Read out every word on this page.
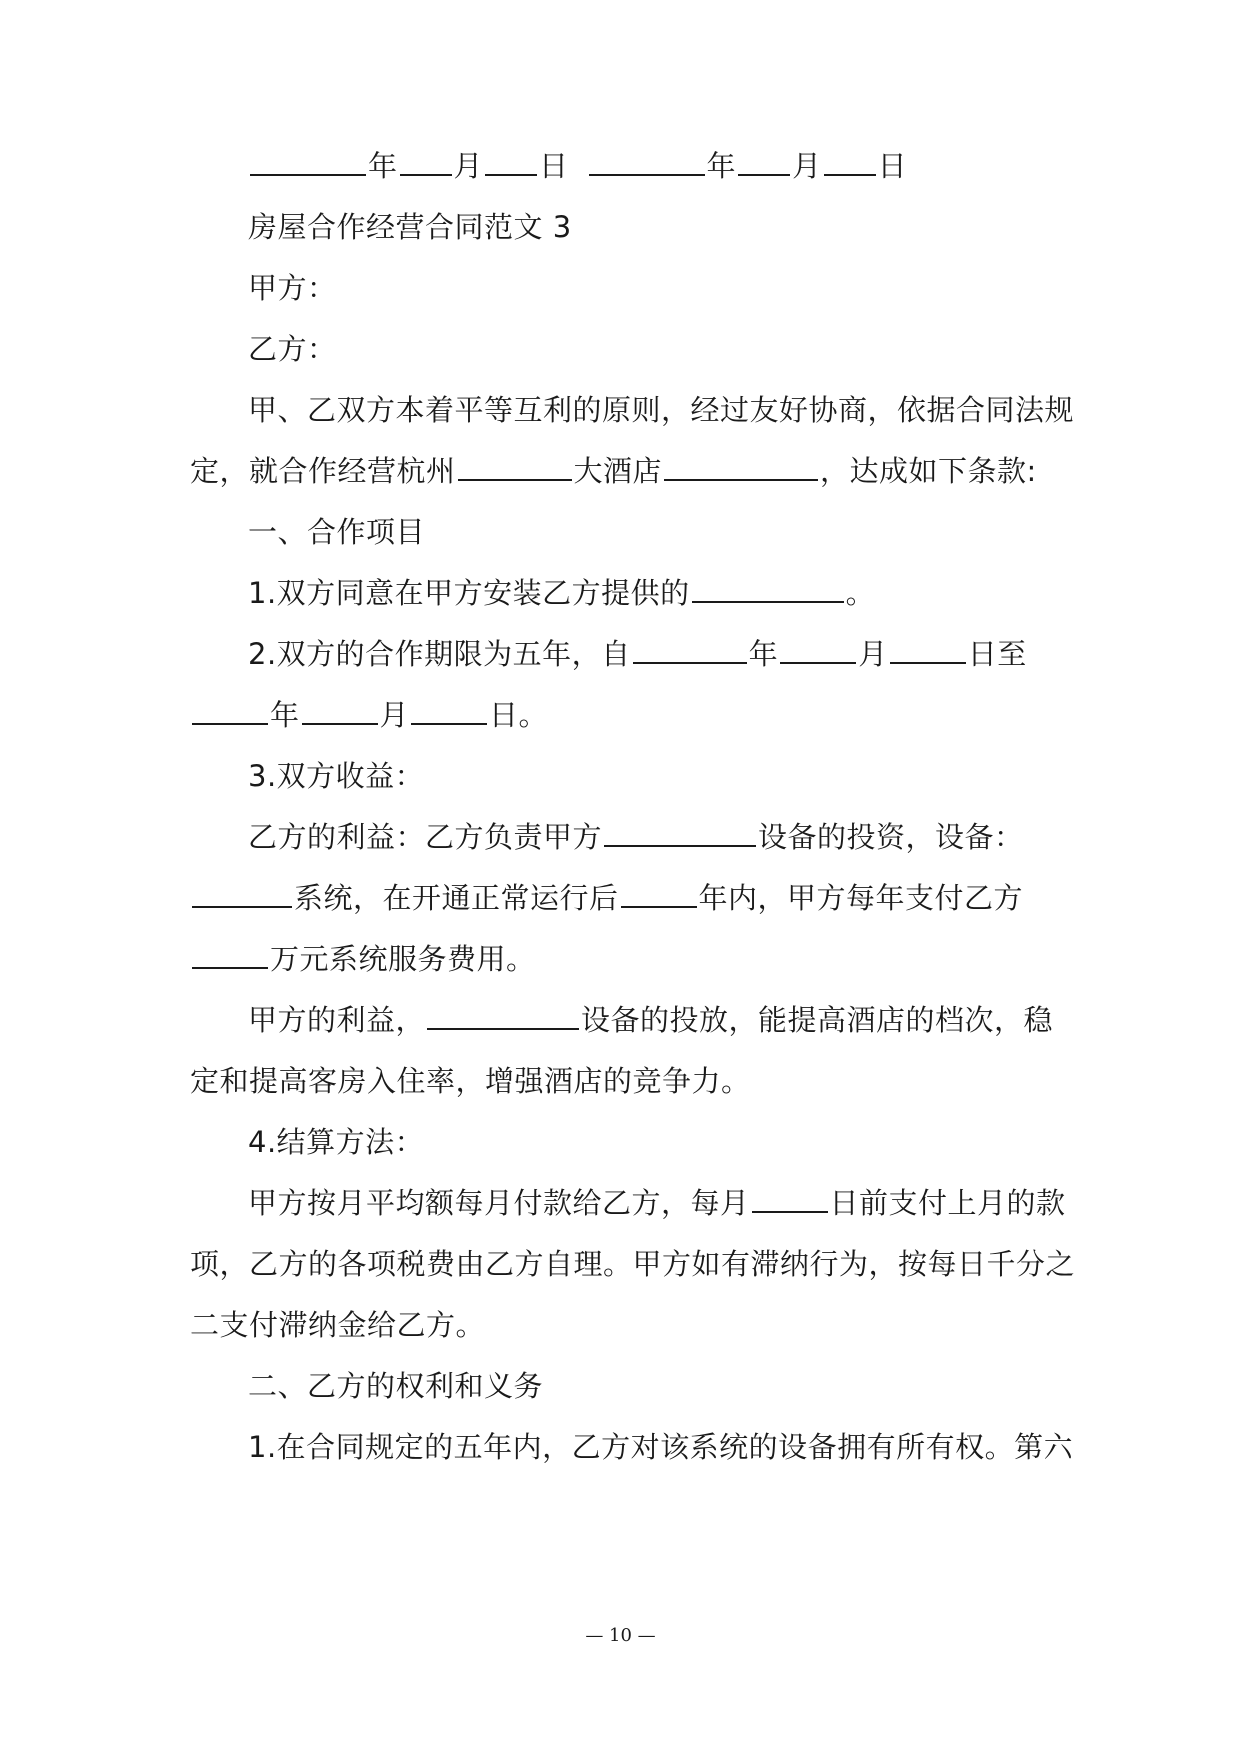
年 月 日	年 月 日
房屋合作经营合同范文 3
甲方：
乙方：
甲、乙双方本着平等互利的原则，经过友好协商，依据合同法规
定，就合作经营杭州	大酒店	，达成如下条款:
一、合作项目
1.双方同意在甲方安装乙方提供的	。
2.双方的合作期限为五年，自	年	月	日至
年	月	日。
3.双方收益：
乙方的利益：乙方负责甲方	设备的投资，设备：
系统，在开通正常运行后	年内，甲方每年支付乙方
万元系统服务费用。
甲方的利益，	设备的投放，能提高酒店的档次，稳
定和提高客房入住率，增强酒店的竞争力。
4.结算方法：
甲方按月平均额每月付款给乙方，每月	日前支付上月的款
项，乙方的各项税费由乙方自理。甲方如有滞纳行为，按每日千分之
二支付滞纳金给乙方。
二、乙方的权利和义务
1.在合同规定的五年内，乙方对该系统的设备拥有所有权。第六
— 10 —
